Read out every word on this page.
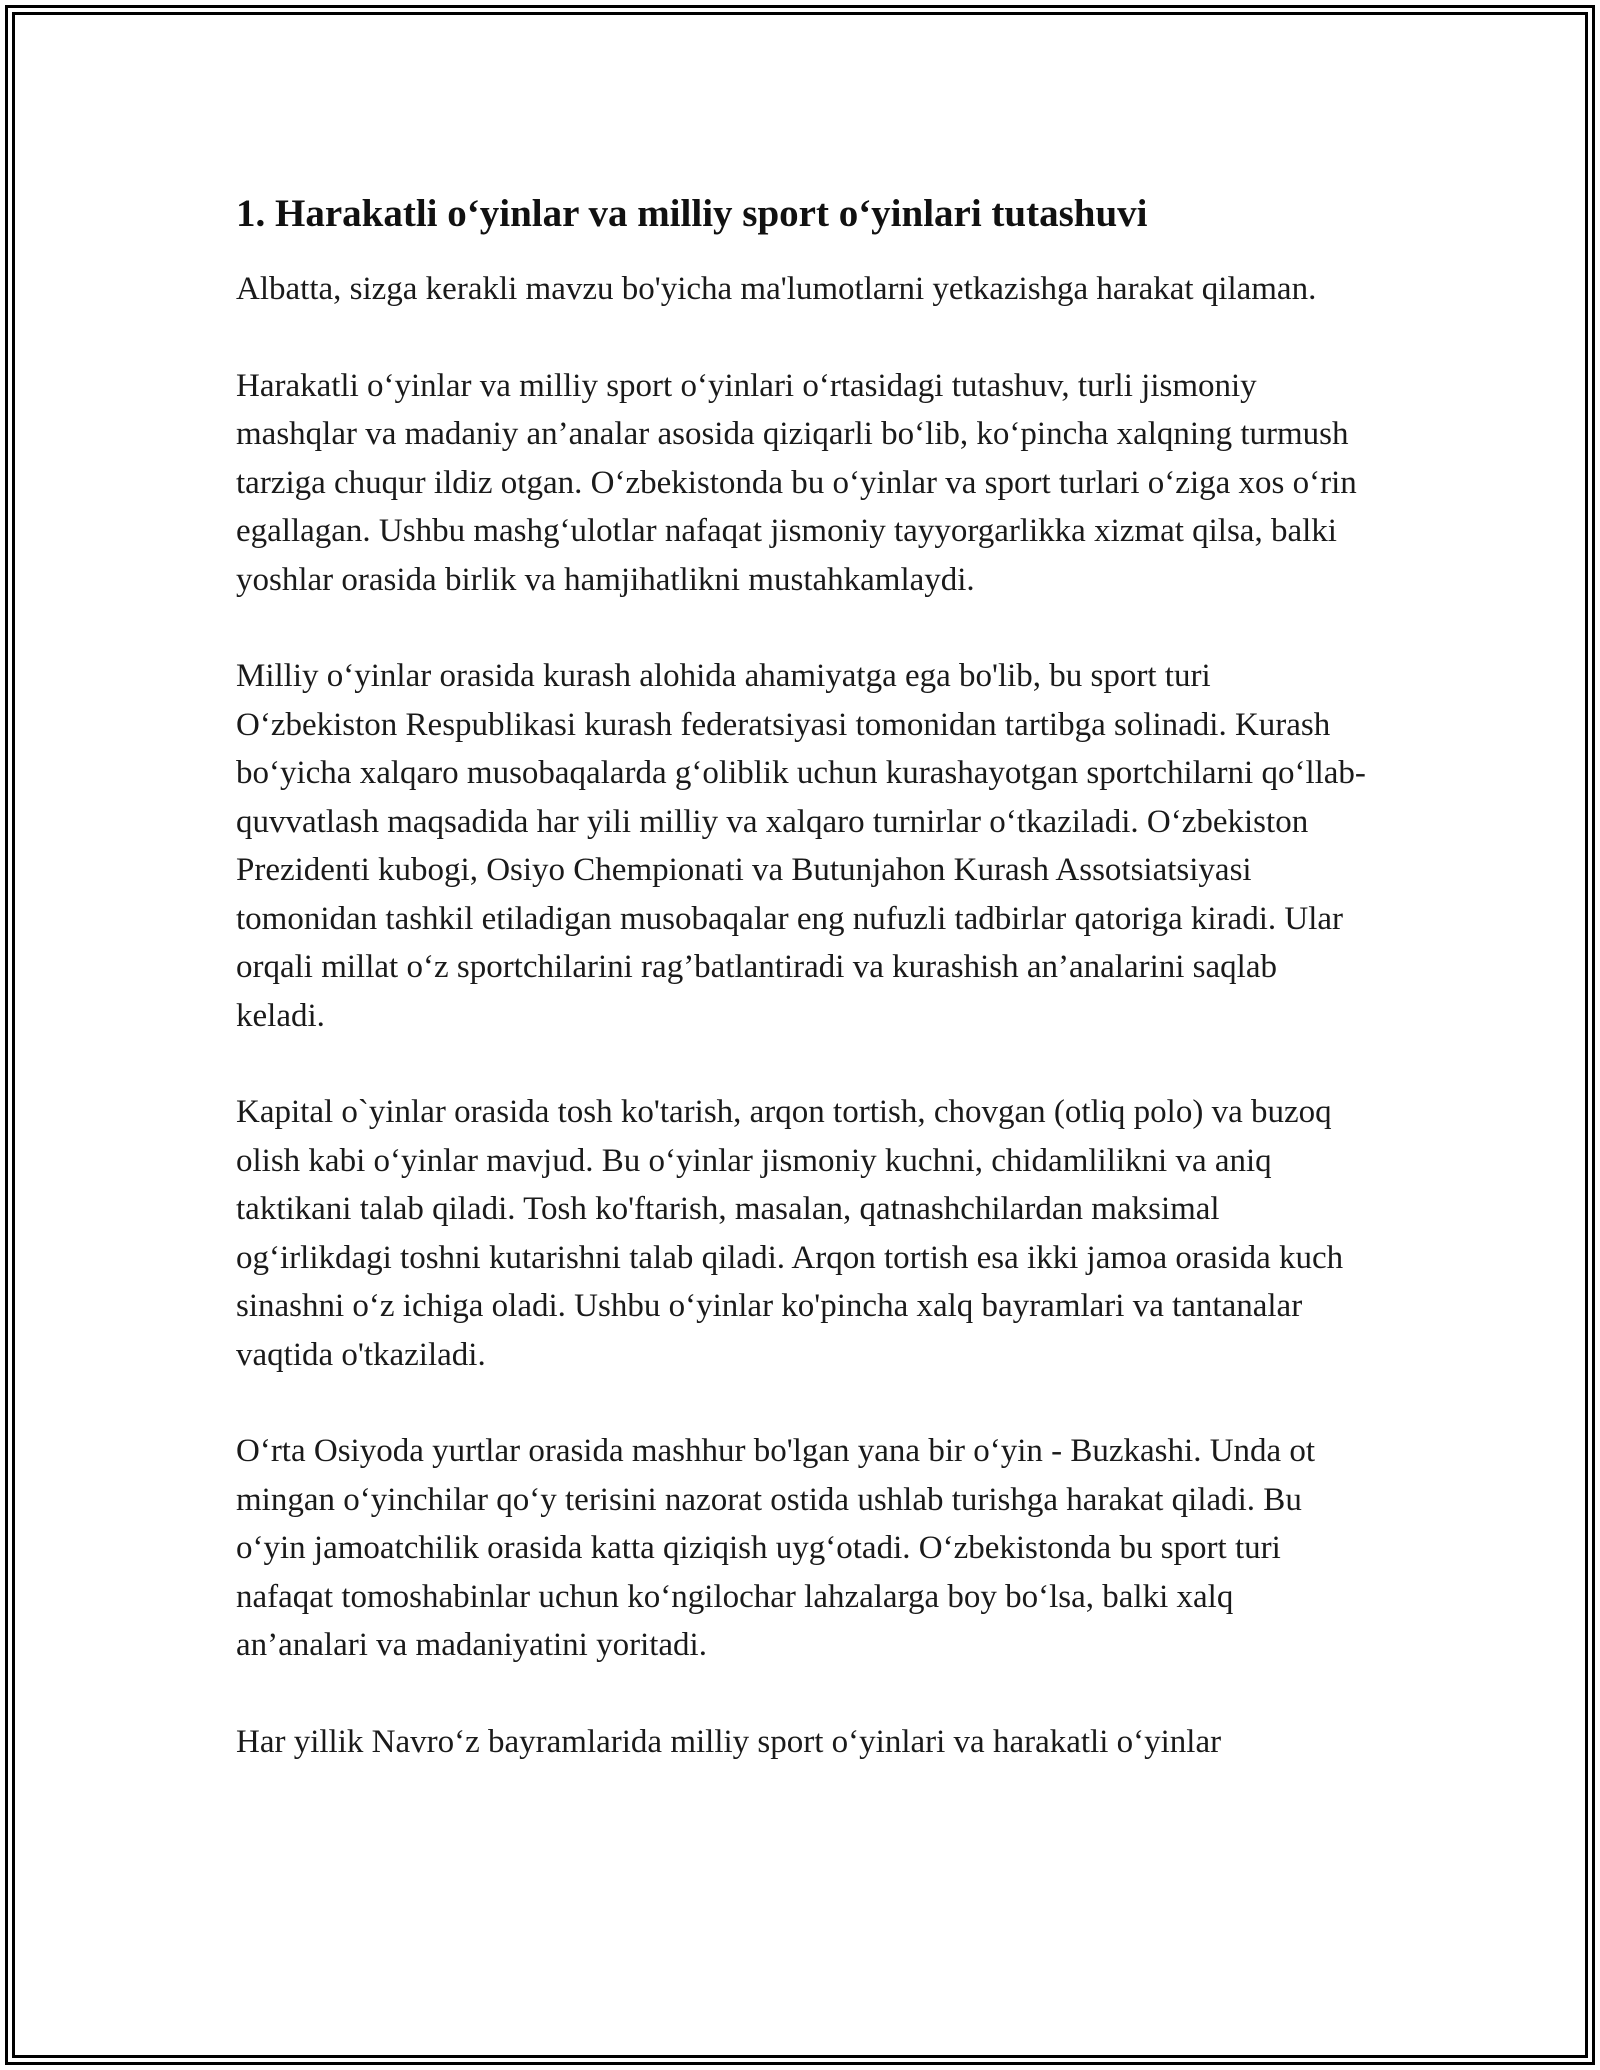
1. Harakatli o‘yinlar va milliy sport o‘yinlari tutashuvi

Albatta, sizga kerakli mavzu bo'yicha ma'lumotlarni yetkazishga harakat qilaman.

Harakatli o‘yinlar va milliy sport o‘yinlari o‘rtasidagi tutashuv, turli jismoniy mashqlar va madaniy an’analar asosida qiziqarli bo‘lib, ko‘pincha xalqning turmush tarziga chuqur ildiz otgan. O‘zbekistonda bu o‘yinlar va sport turlari o‘ziga xos o‘rin egallagan. Ushbu mashg‘ulotlar nafaqat jismoniy tayyorgarlikka xizmat qilsa, balki yoshlar orasida birlik va hamjihatlikni mustahkamlaydi.

Milliy o‘yinlar orasida kurash alohida ahamiyatga ega bo'lib, bu sport turi O‘zbekiston Respublikasi kurash federatsiyasi tomonidan tartibga solinadi. Kurash bo‘yicha xalqaro musobaqalarda g‘oliblik uchun kurashayotgan sportchilarni qo‘llab-quvvatlash maqsadida har yili milliy va xalqaro turnirlar o‘tkaziladi. O‘zbekiston Prezidenti kubogi, Osiyo Chempionati va Butunjahon Kurash Assotsiatsiyasi tomonidan tashkil etiladigan musobaqalar eng nufuzli tadbirlar qatoriga kiradi. Ular orqali millat o‘z sportchilarini rag’batlantiradi va kurashish an’analarini saqlab keladi.

Kapital o`yinlar orasida tosh ko'tarish, arqon tortish, chovgan (otliq polo) va buzoq olish kabi o‘yinlar mavjud. Bu o‘yinlar jismoniy kuchni, chidamlilikni va aniq taktikani talab qiladi. Tosh ko'ftarish, masalan, qatnashchilardan maksimal og‘irlikdagi toshni kutarishni talab qiladi. Arqon tortish esa ikki jamoa orasida kuch sinashni o‘z ichiga oladi. Ushbu o‘yinlar ko'pincha xalq bayramlari va tantanalar vaqtida o'tkaziladi.

O‘rta Osiyoda yurtlar orasida mashhur bo'lgan yana bir o‘yin - Buzkashi. Unda ot mingan o‘yinchilar qo‘y terisini nazorat ostida ushlab turishga harakat qiladi. Bu o‘yin jamoatchilik orasida katta qiziqish uyg‘otadi. O‘zbekistonda bu sport turi nafaqat tomoshabinlar uchun ko‘ngilochar lahzalarga boy bo‘lsa, balki xalq an’analari va madaniyatini yoritadi.

Har yillik Navro‘z bayramlarida milliy sport o‘yinlari va harakatli o‘yinlar
